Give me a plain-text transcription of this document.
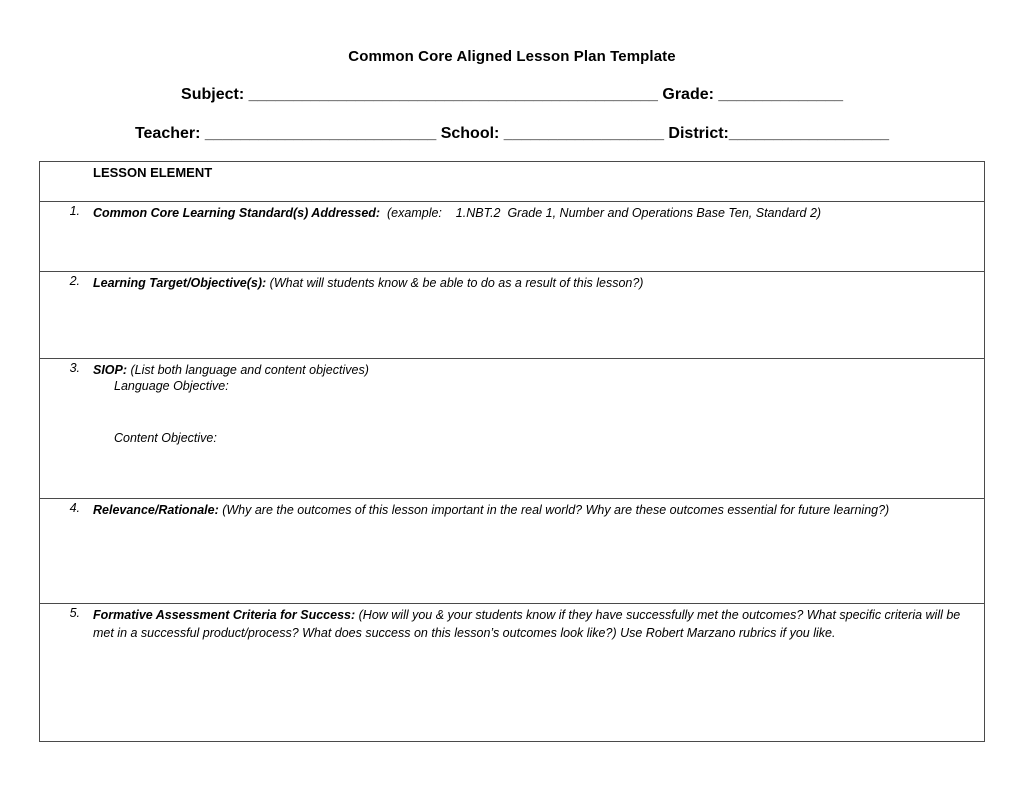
Common Core Aligned Lesson Plan Template
Subject: ______________________________________________ Grade: ______________
Teacher: __________________________ School: __________________ District:__________________
LESSON ELEMENT
1. Common Core Learning Standard(s) Addressed:  (example:    1.NBT.2  Grade 1, Number and Operations Base Ten, Standard 2)
2. Learning Target/Objective(s): (What will students know & be able to do as a result of this lesson?)
3. SIOP: (List both language and content objectives)
Language Objective:
Content Objective:
4. Relevance/Rationale: (Why are the outcomes of this lesson important in the real world? Why are these outcomes essential for future learning?)
5. Formative Assessment Criteria for Success: (How will you & your students know if they have successfully met the outcomes? What specific criteria will be met in a successful product/process? What does success on this lesson’s outcomes look like?) Use Robert Marzano rubrics if you like.
